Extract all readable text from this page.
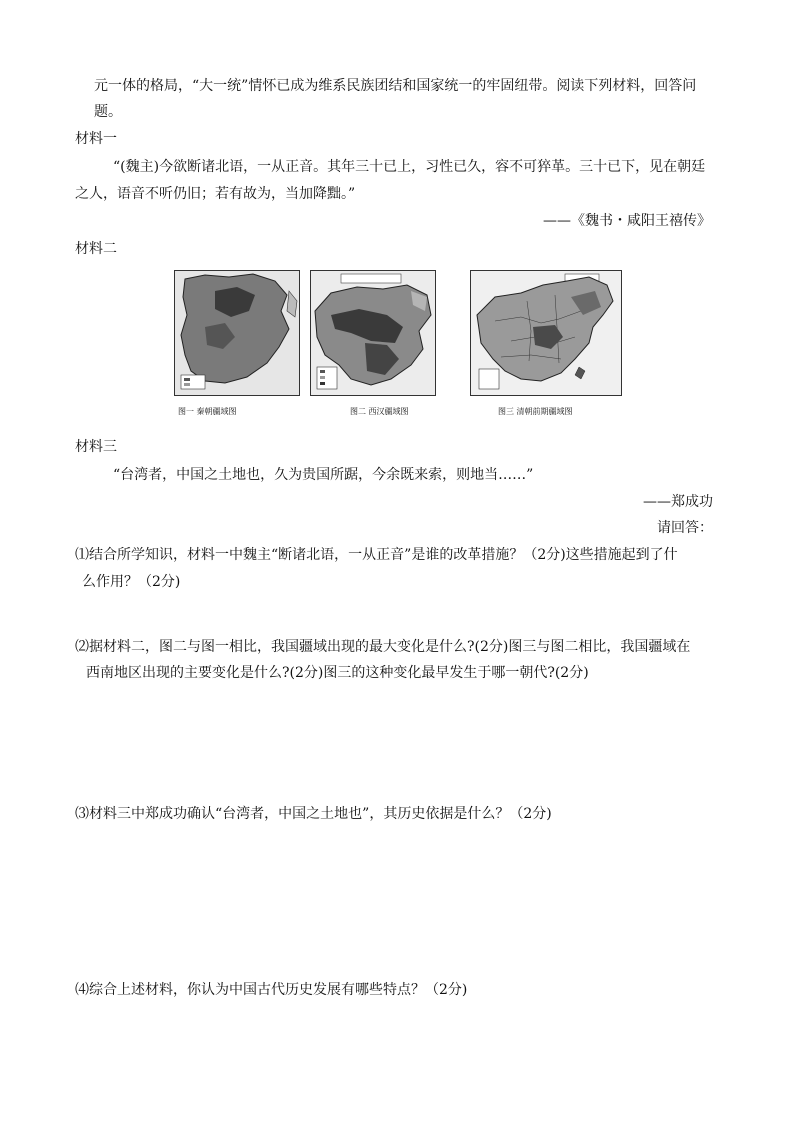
元一体的格局，“大一统”情怀已成为维系民族团结和国家统一的牢固纽带。阅读下列材料，回答问
题。
材料一
“(魏主)今欲断诸北语，一从正音。其年三十已上，习性已久，容不可猝革。三十已下，见在朝廷
之人，语音不听仍旧；若有故为，当加降黜。”
——《魏书・咸阳王禧传》
材料二
图一 秦朝疆域图	图二 西汉疆域图	图三 清朝前期疆域图
材料三
“台湾者，中国之土地也，久为贵国所踞，今余既来索，则地当……”
——郑成功
请回答：
⑴结合所学知识，材料一中魏主“断诸北语，一从正音”是谁的改革措施？（2分)这些措施起到了什
么作用？（2分)
⑵据材料二，图二与图一相比，我国疆域出现的最大变化是什么?(2分)图三与图二相比，我国疆域在
西南地区出现的主要变化是什么?(2分)图三的这种变化最早发生于哪一朝代?(2分)
⑶材料三中郑成功确认“台湾者，中国之土地也”，其历史依据是什么？（2分)
⑷综合上述材料，你认为中国古代历史发展有哪些特点？（2分)
